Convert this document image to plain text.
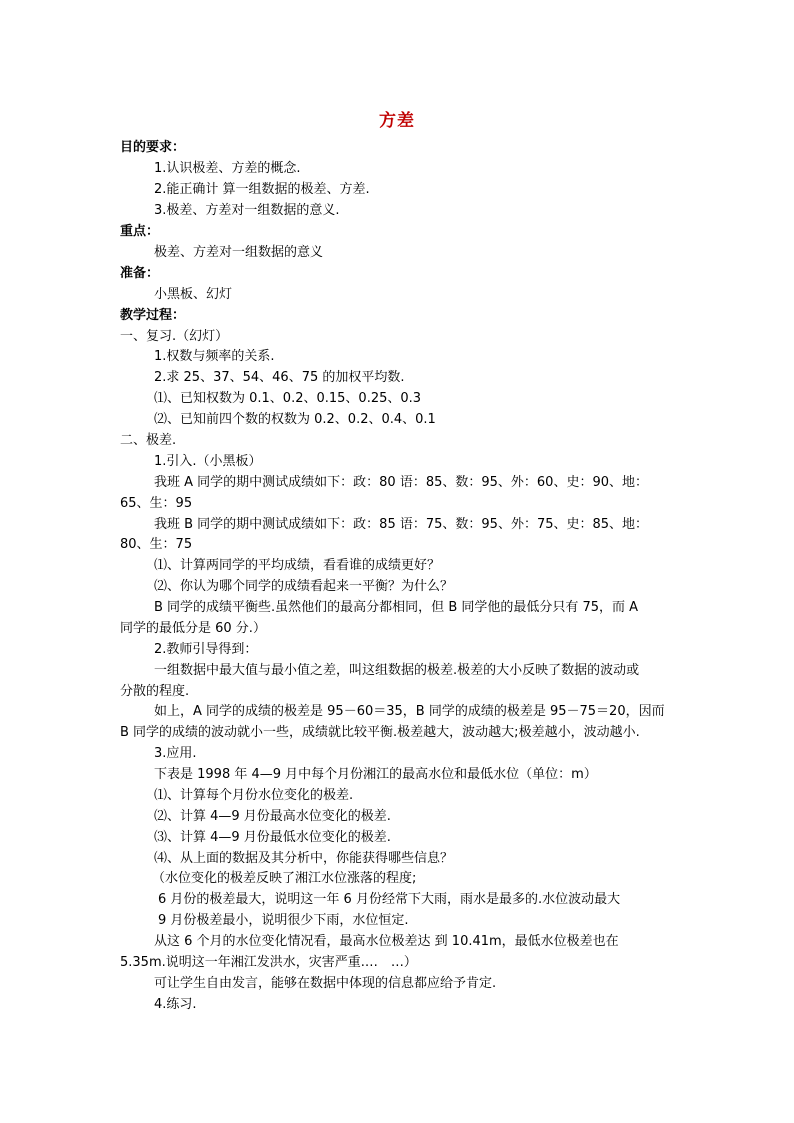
方差
目的要求：
1.认识极差、方差的概念.
2.能正确计 算一组数据的极差、方差.
3.极差、方差对一组数据的意义.
重点：
极差、方差对一组数据的意义
准备：
小黑板、幻灯
教学过程：
一、复习.（幻灯）
1.权数与频率的关系.
2.求 25、37、54、46、75 的加权平均数.
⑴、已知权数为 0.1、0.2、0.15、0.25、0.3
⑵、已知前四个数的权数为 0.2、0.2、0.4、0.1
二、极差.
1.引入.（小黑板）
我班 A 同学的期中测试成绩如下：政：80 语：85、数：95、外：60、史：90、地：
65、生：95
我班 B 同学的期中测试成绩如下：政：85 语：75、数：95、外：75、史：85、地：
80、生：75
⑴、计算两同学的平均成绩，看看谁的成绩更好？
⑵、你认为哪个同学的成绩看起来一平衡？为什么？
B 同学的成绩平衡些.虽然他们的最高分都相同，但 B 同学他的最低分只有 75，而 A
同学的最低分是 60 分.）
2.教师引导得到：
一组数据中最大值与最小值之差，叫这组数据的极差.极差的大小反映了数据的波动或
分散的程度.
如上，A 同学的成绩的极差是 95－60＝35，B 同学的成绩的极差是 95－75＝20，因而
B 同学的成绩的波动就小一些，成绩就比较平衡.极差越大，波动越大;极差越小，波动越小.
3.应用.
下表是 1998 年 4—9 月中每个月份湘江的最高水位和最低水位（单位：m）
⑴、计算每个月份水位变化的极差.
⑵、计算 4—9 月份最高水位变化的极差.
⑶、计算 4—9 月份最低水位变化的极差.
⑷、从上面的数据及其分析中，你能获得哪些信息？
（水位变化的极差反映了湘江水位涨落的程度;
6 月份的极差最大，说明这一年 6 月份经常下大雨，雨水是最多的.水位波动最大
9 月份极差最小，说明很少下雨，水位恒定.
从这 6 个月的水位变化情况看，最高水位极差达 到 10.41m，最低水位极差也在
5.35m.说明这一年湘江发洪水，灾害严重.…　…）
可让学生自由发言，能够在数据中体现的信息都应给予肯定.
4.练习.
